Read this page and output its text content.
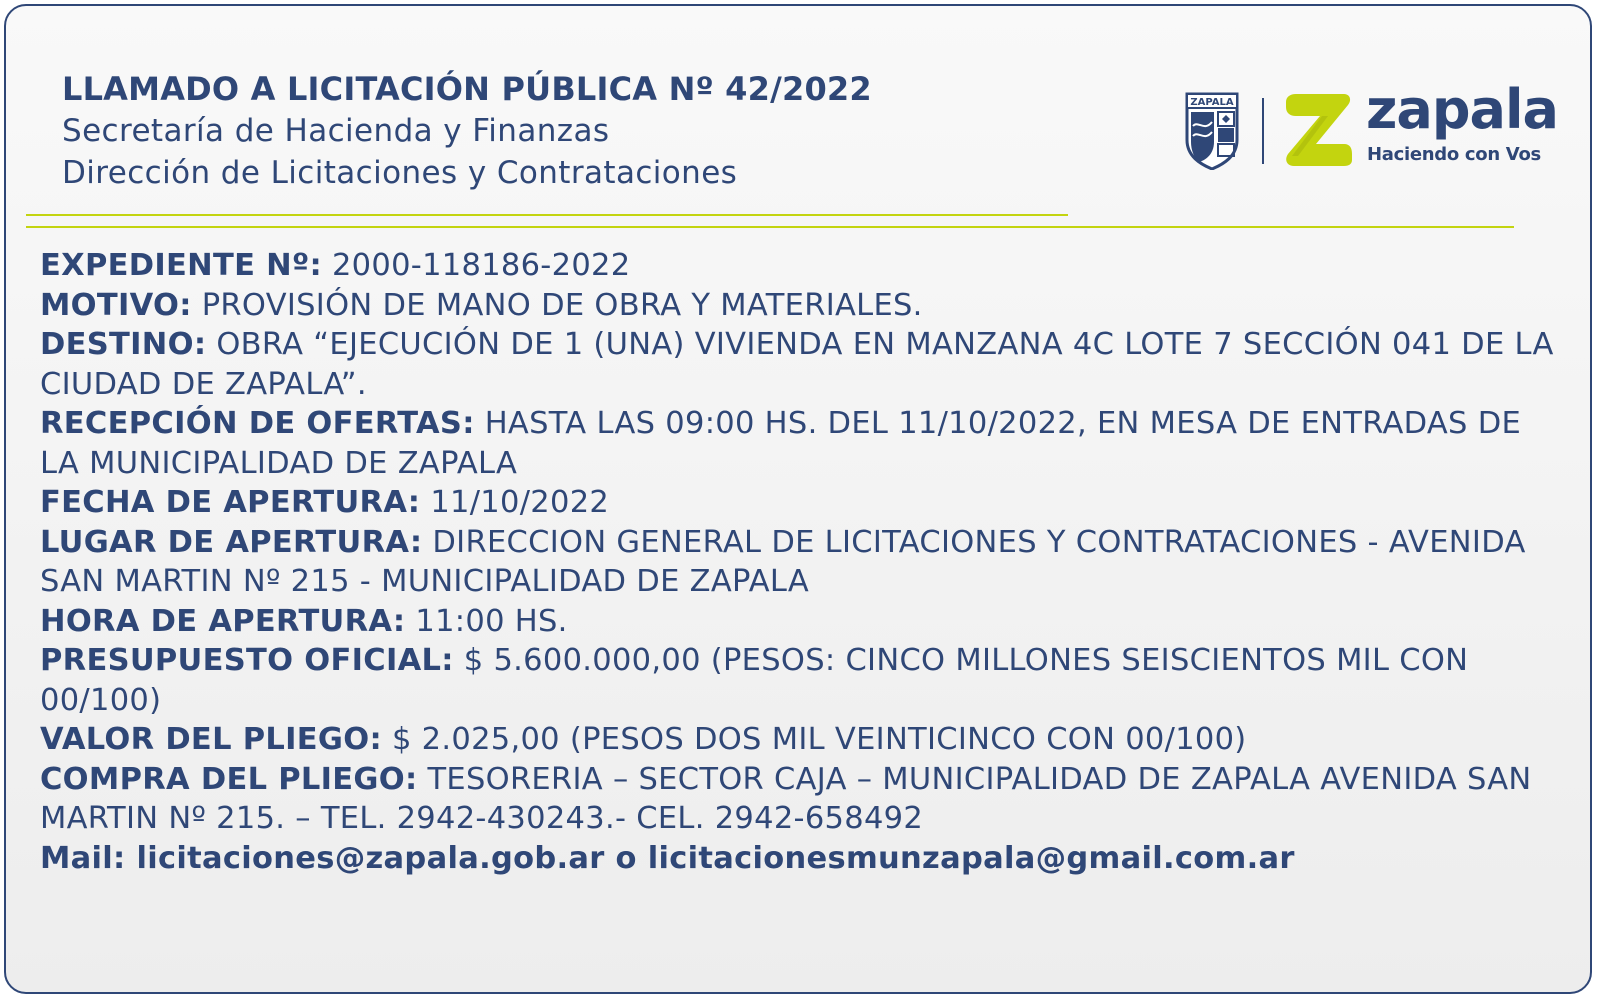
LLAMADO A LICITACIÓN PÚBLICA Nº 42/2022
Secretaría de Hacienda y Finanzas
Dirección de Licitaciones y Contrataciones
ZAPALA zapala
Haciendo con Vos
EXPEDIENTE Nº: 2000-118186-2022
MOTIVO: PROVISIÓN DE MANO DE OBRA Y MATERIALES.
DESTINO: OBRA “EJECUCIÓN DE 1 (UNA) VIVIENDA EN MANZANA 4C LOTE 7 SECCIÓN 041 DE LA CIUDAD DE ZAPALA”.
RECEPCIÓN DE OFERTAS: HASTA LAS 09:00 HS. DEL 11/10/2022, EN MESA DE ENTRADAS DE LA MUNICIPALIDAD DE ZAPALA
FECHA DE APERTURA: 11/10/2022
LUGAR DE APERTURA: DIRECCION GENERAL DE LICITACIONES Y CONTRATACIONES - AVENIDA SAN MARTIN Nº 215 - MUNICIPALIDAD DE ZAPALA
HORA DE APERTURA: 11:00 HS.
PRESUPUESTO OFICIAL: $ 5.600.000,00 (PESOS: CINCO MILLONES SEISCIENTOS MIL CON 00/100)
VALOR DEL PLIEGO: $ 2.025,00 (PESOS DOS MIL VEINTICINCO CON 00/100)
COMPRA DEL PLIEGO: TESORERIA – SECTOR CAJA – MUNICIPALIDAD DE ZAPALA AVENIDA SAN MARTIN Nº 215. – TEL. 2942-430243.- CEL. 2942-658492
Mail: licitaciones@zapala.gob.ar o licitacionesmunzapala@gmail.com.ar
